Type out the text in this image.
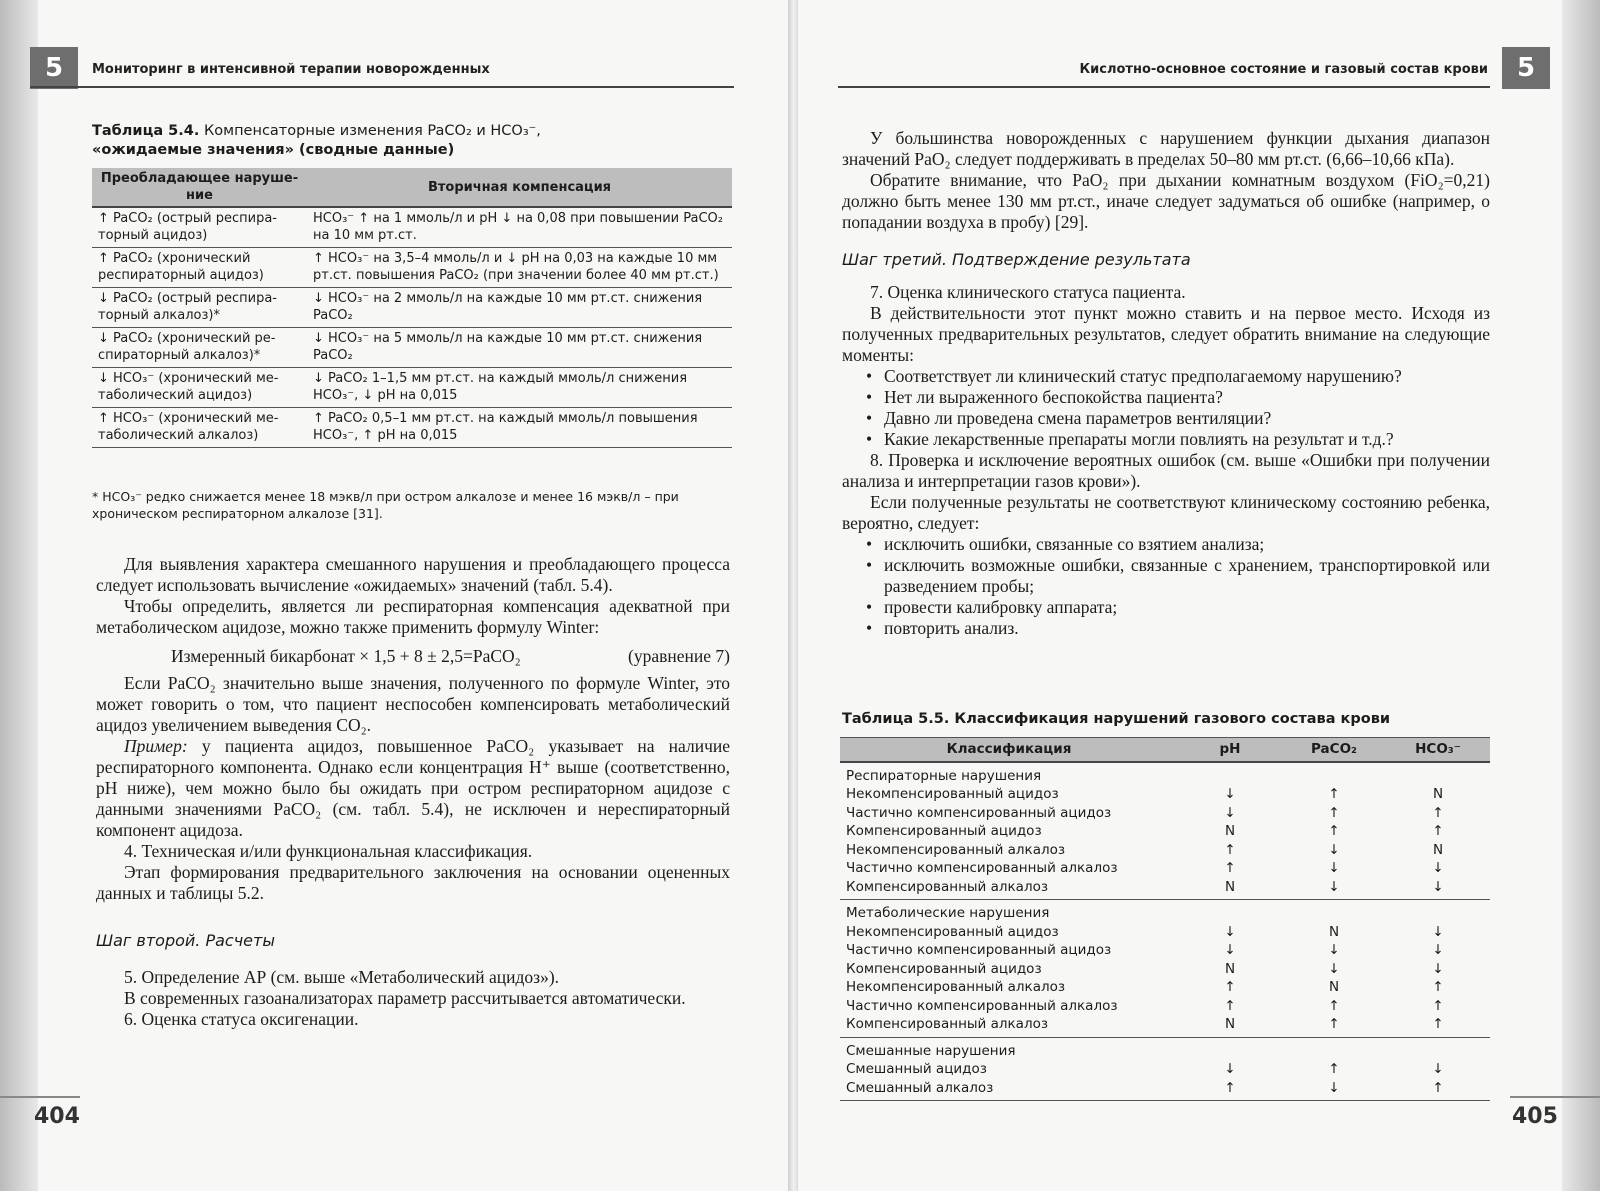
5	Мониторинг в интенсивной терапии новорожденных
Таблица 5.4. Компенсаторные изменения PaCO₂ и HCO₃⁻,
«ожидаемые значения» (сводные данные)
Преобладающее наруше-ние	Вторичная компенсация
↑ PaCO₂ (острый респира-торный ацидоз)	HCO₃⁻ ↑ на 1 ммоль/л и pH ↓ на 0,08 при повышении PaCO₂ на 10 мм рт.ст.
↑ PaCO₂ (хронический респираторный ацидоз)	↑ HCO₃⁻ на 3,5–4 ммоль/л и ↓ pH на 0,03 на каждые 10 мм рт.ст. повышения PaCO₂ (при значении более 40 мм рт.ст.)
↓ PaCO₂ (острый респира-торный алкалоз)*	↓ HCO₃⁻ на 2 ммоль/л на каждые 10 мм рт.ст. снижения PaCO₂
↓ PaCO₂ (хронический ре-спираторный алкалоз)*	↓ HCO₃⁻ на 5 ммоль/л на каждые 10 мм рт.ст. снижения PaCO₂
↓ HCO₃⁻ (хронический ме-таболический ацидоз)	↓ PaCO₂ 1–1,5 мм рт.ст. на каждый ммоль/л снижения HCO₃⁻, ↓ pH на 0,015
↑ HCO₃⁻ (хронический ме-таболический алкалоз)	↑ PaCO₂ 0,5–1 мм рт.ст. на каждый ммоль/л повышения HCO₃⁻, ↑ pH на 0,015
* HCO₃⁻ редко снижается менее 18 мэкв/л при остром алкалозе и менее 16 мэкв/л – при хроническом респираторном алкалозе [31].

Для выявления характера смешанного нарушения и преобладающего процесса следует использовать вычисление «ожидаемых» значений (табл. 5.4).

Чтобы определить, является ли респираторная компенсация адекватной при метаболическом ацидозе, можно также применить формулу Winter:

Измеренный бикарбонат × 1,5 + 8 ± 2,5=PaCO₂	(уравнение 7)

Если PaCO₂ значительно выше значения, полученного по формуле Winter, это может говорить о том, что пациент неспособен компенсировать метаболический ацидоз увеличением выведения CO₂.

Пример: у пациента ацидоз, повышенное PaCO₂ указывает на наличие респираторного компонента. Однако если концентрация H⁺ выше (соответственно, pH ниже), чем можно было бы ожидать при остром респираторном ацидозе с данными значениями PaCO₂ (см. табл. 5.4), не исключен и нереспираторный компонент ацидоза.

4. Техническая и/или функциональная классификация.

Этап формирования предварительного заключения на основании оцененных данных и таблицы 5.2.

Шаг второй. Расчеты

5. Определение АР (см. выше «Метаболический ацидоз»).

В современных газоанализаторах параметр рассчитывается автоматически.

6. Оценка статуса оксигенации.

404
5
Кислотно-основное состояние и газовый состав крови

У большинства новорожденных с нарушением функции дыхания диапазон значений PaO₂ следует поддерживать в пределах 50–80 мм рт.ст. (6,66–10,66 кПа).

Обратите внимание, что PaO₂ при дыхании комнатным воздухом (FiO₂=0,21) должно быть менее 130 мм рт.ст., иначе следует задуматься об ошибке (например, о попадании воздуха в пробу) [29].

Шаг третий. Подтверждение результата

7. Оценка клинического статуса пациента.

В действительности этот пункт можно ставить и на первое место. Исходя из полученных предварительных результатов, следует обратить внимание на следующие моменты:

• Соответствует ли клинический статус предполагаемому нарушению?
• Нет ли выраженного беспокойства пациента?
• Давно ли проведена смена параметров вентиляции?
• Какие лекарственные препараты могли повлиять на результат и т.д.?

8. Проверка и исключение вероятных ошибок (см. выше «Ошибки при получении анализа и интерпретации газов крови»).

Если полученные результаты не соответствуют клиническому состоянию ребенка, вероятно, следует:

• исключить ошибки, связанные со взятием анализа;
• исключить возможные ошибки, связанные с хранением, транспортировкой или разведением пробы;
• провести калибровку аппарата;
• повторить анализ.
Таблица 5.5. Классификация нарушений газового состава крови
Классификация	pH	PaCO₂	HCO₃⁻
Респираторные нарушения			
Некомпенсированный ацидоз	↓	↑	N
Частично компенсированный ацидоз	↓	↑	↑
Компенсированный ацидоз	N	↑	↑
Некомпенсированный алкалоз	↑	↓	N
Частично компенсированный алкалоз	↑	↓	↓
Компенсированный алкалоз	N	↓	↓
Метаболические нарушения			
Некомпенсированный ацидоз	↓	N	↓
Частично компенсированный ацидоз	↓	↓	↓
Компенсированный ацидоз	N	↓	↓
Некомпенсированный алкалоз	↑	N	↑
Частично компенсированный алкалоз	↑	↑	↑
Компенсированный алкалоз	N	↑	↑
Смешанные нарушения			
Смешанный ацидоз	↓	↑	↓
Смешанный алкалоз	↑	↓	↑
405
